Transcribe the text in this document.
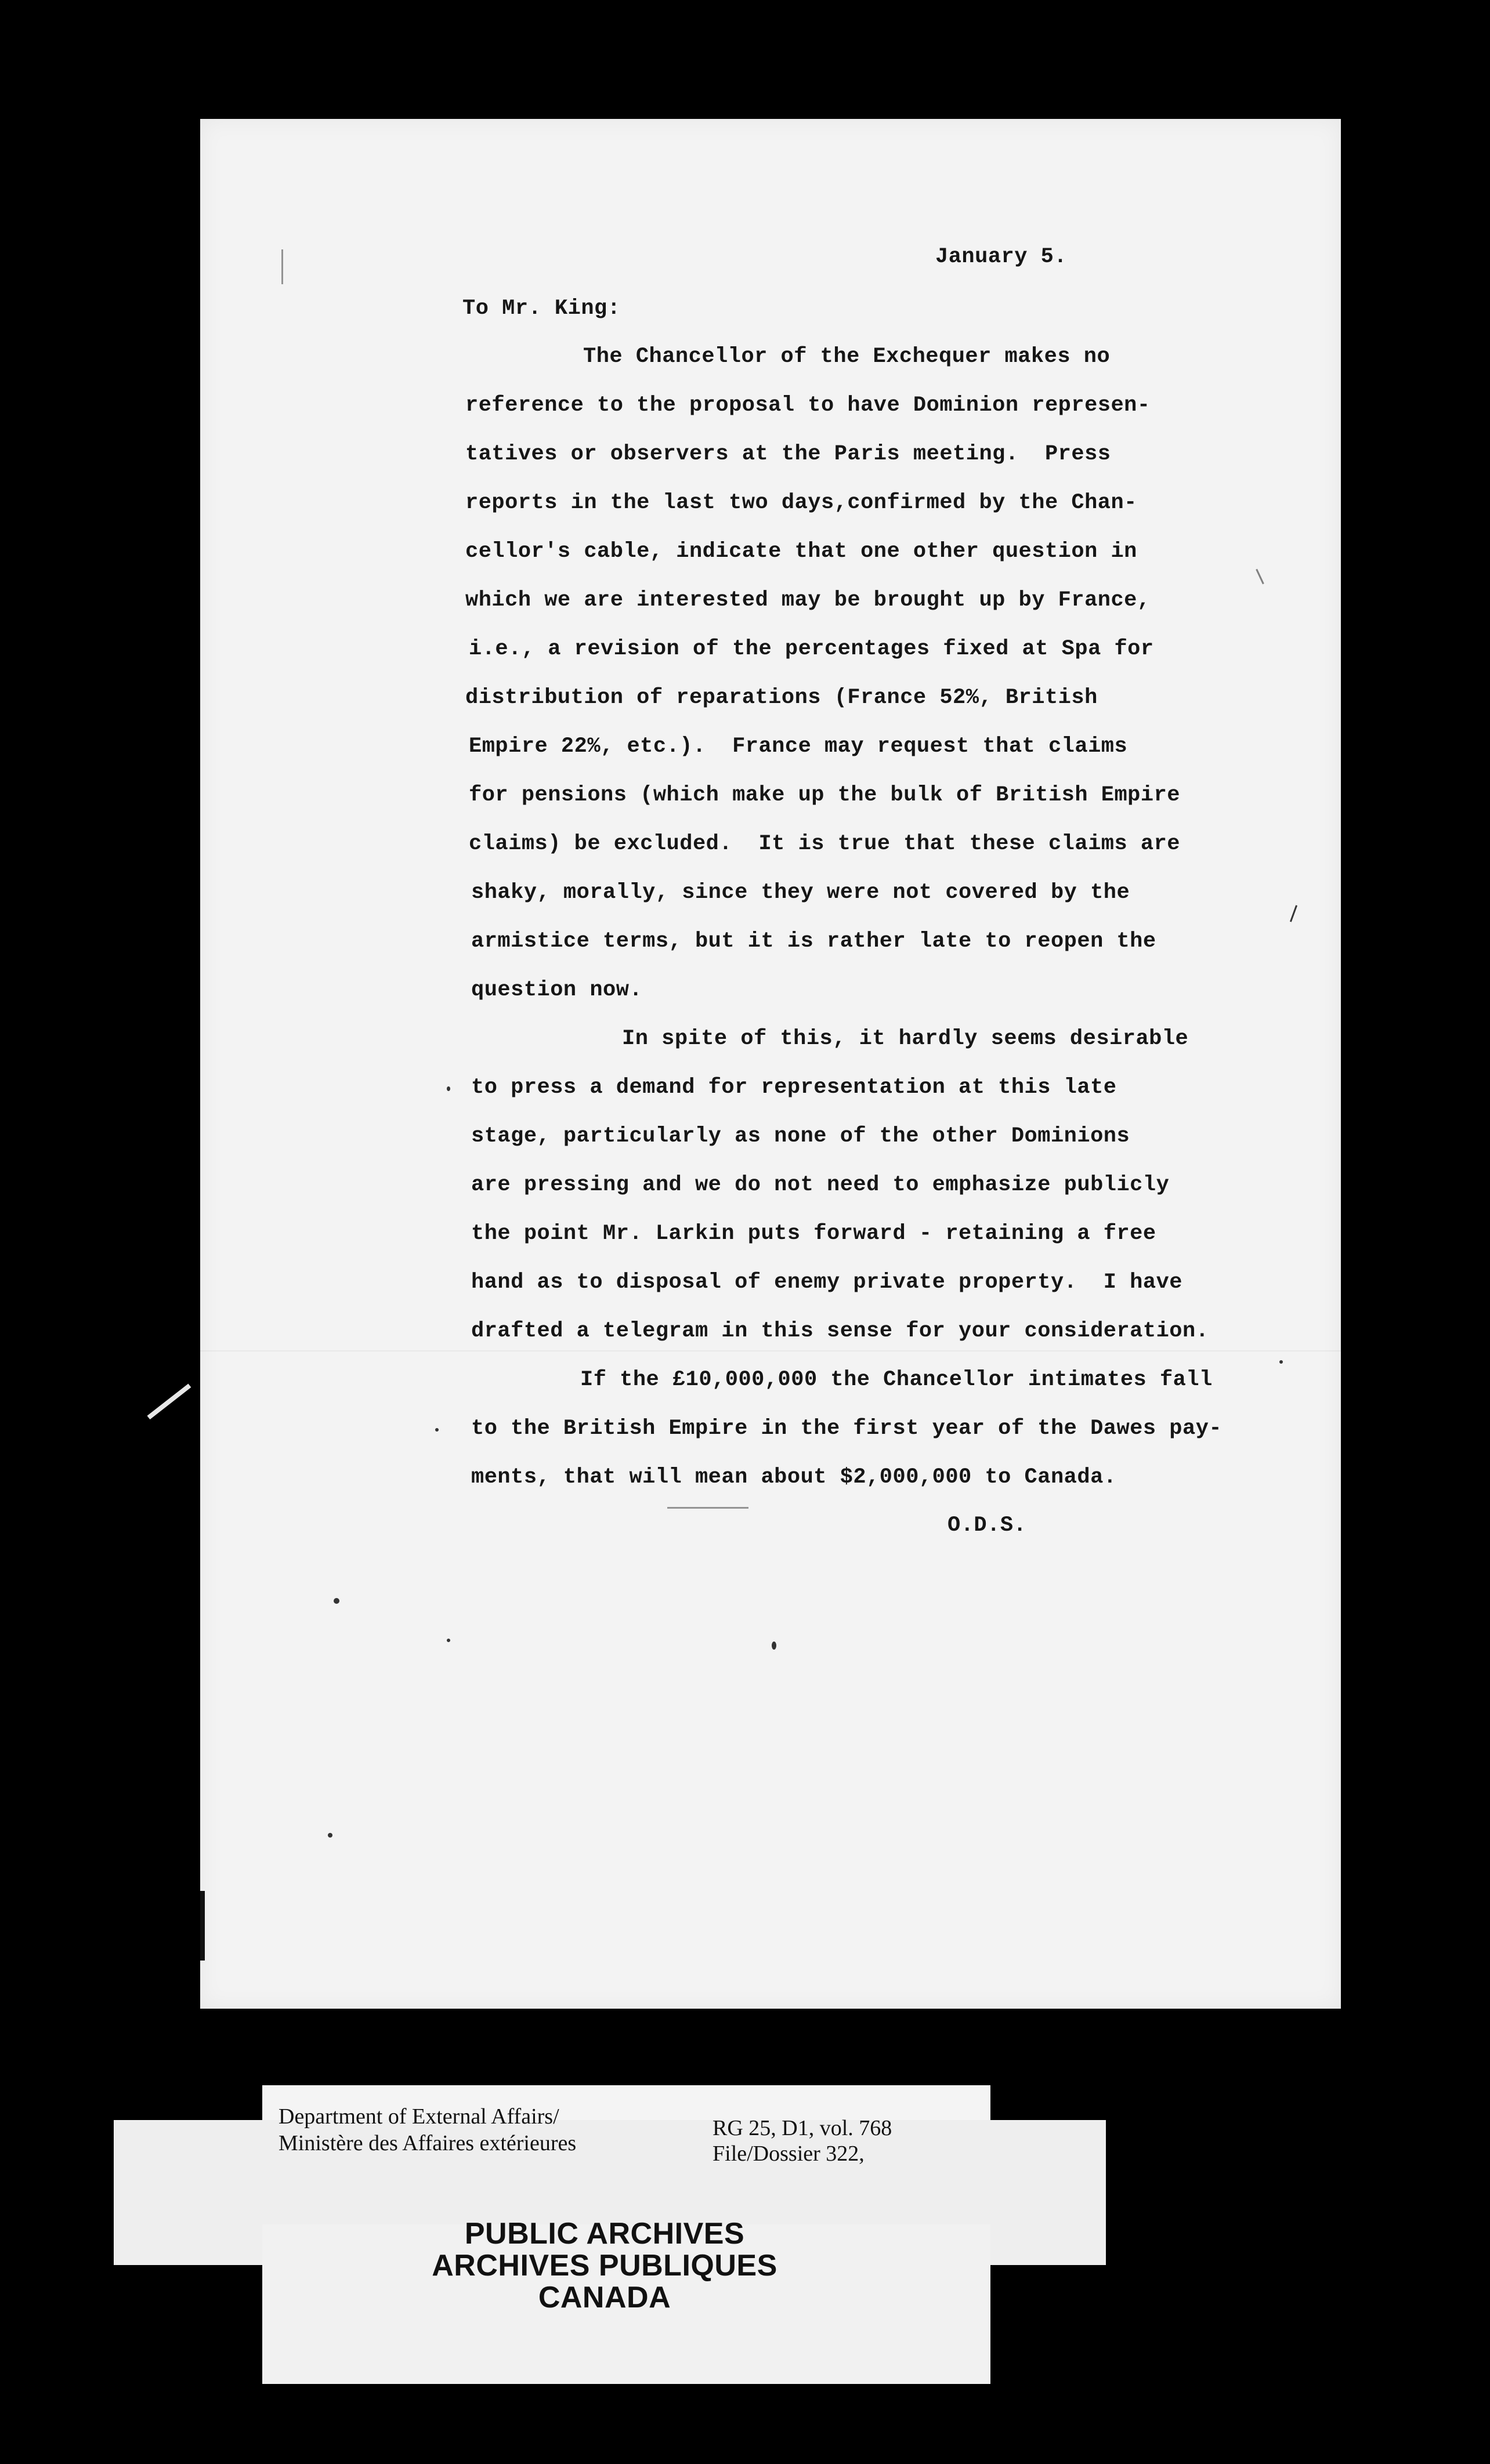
January 5.
To Mr. King:
The Chancellor of the Exchequer makes no
reference to the proposal to have Dominion represen-
tatives or observers at the Paris meeting.  Press
reports in the last two days,confirmed by the Chan-
cellor's cable, indicate that one other question in
which we are interested may be brought up by France,
i.e., a revision of the percentages fixed at Spa for
distribution of reparations (France 52%, British
Empire 22%, etc.).  France may request that claims
for pensions (which make up the bulk of British Empire
claims) be excluded.  It is true that these claims are
shaky, morally, since they were not covered by the
armistice terms, but it is rather late to reopen the
question now.
In spite of this, it hardly seems desirable
to press a demand for representation at this late
stage, particularly as none of the other Dominions
are pressing and we do not need to emphasize publicly
the point Mr. Larkin puts forward - retaining a free
hand as to disposal of enemy private property.  I have
drafted a telegram in this sense for your consideration.
If the £10,000,000 the Chancellor intimates fall
to the British Empire in the first year of the Dawes pay-
ments, that will mean about $2,000,000 to Canada.
O.D.S.
Department of External Affairs/
Ministère des Affaires extérieures
RG 25, D1, vol. 768
File/Dossier 322,
PUBLIC ARCHIVES
ARCHIVES PUBLIQUES
CANADA
